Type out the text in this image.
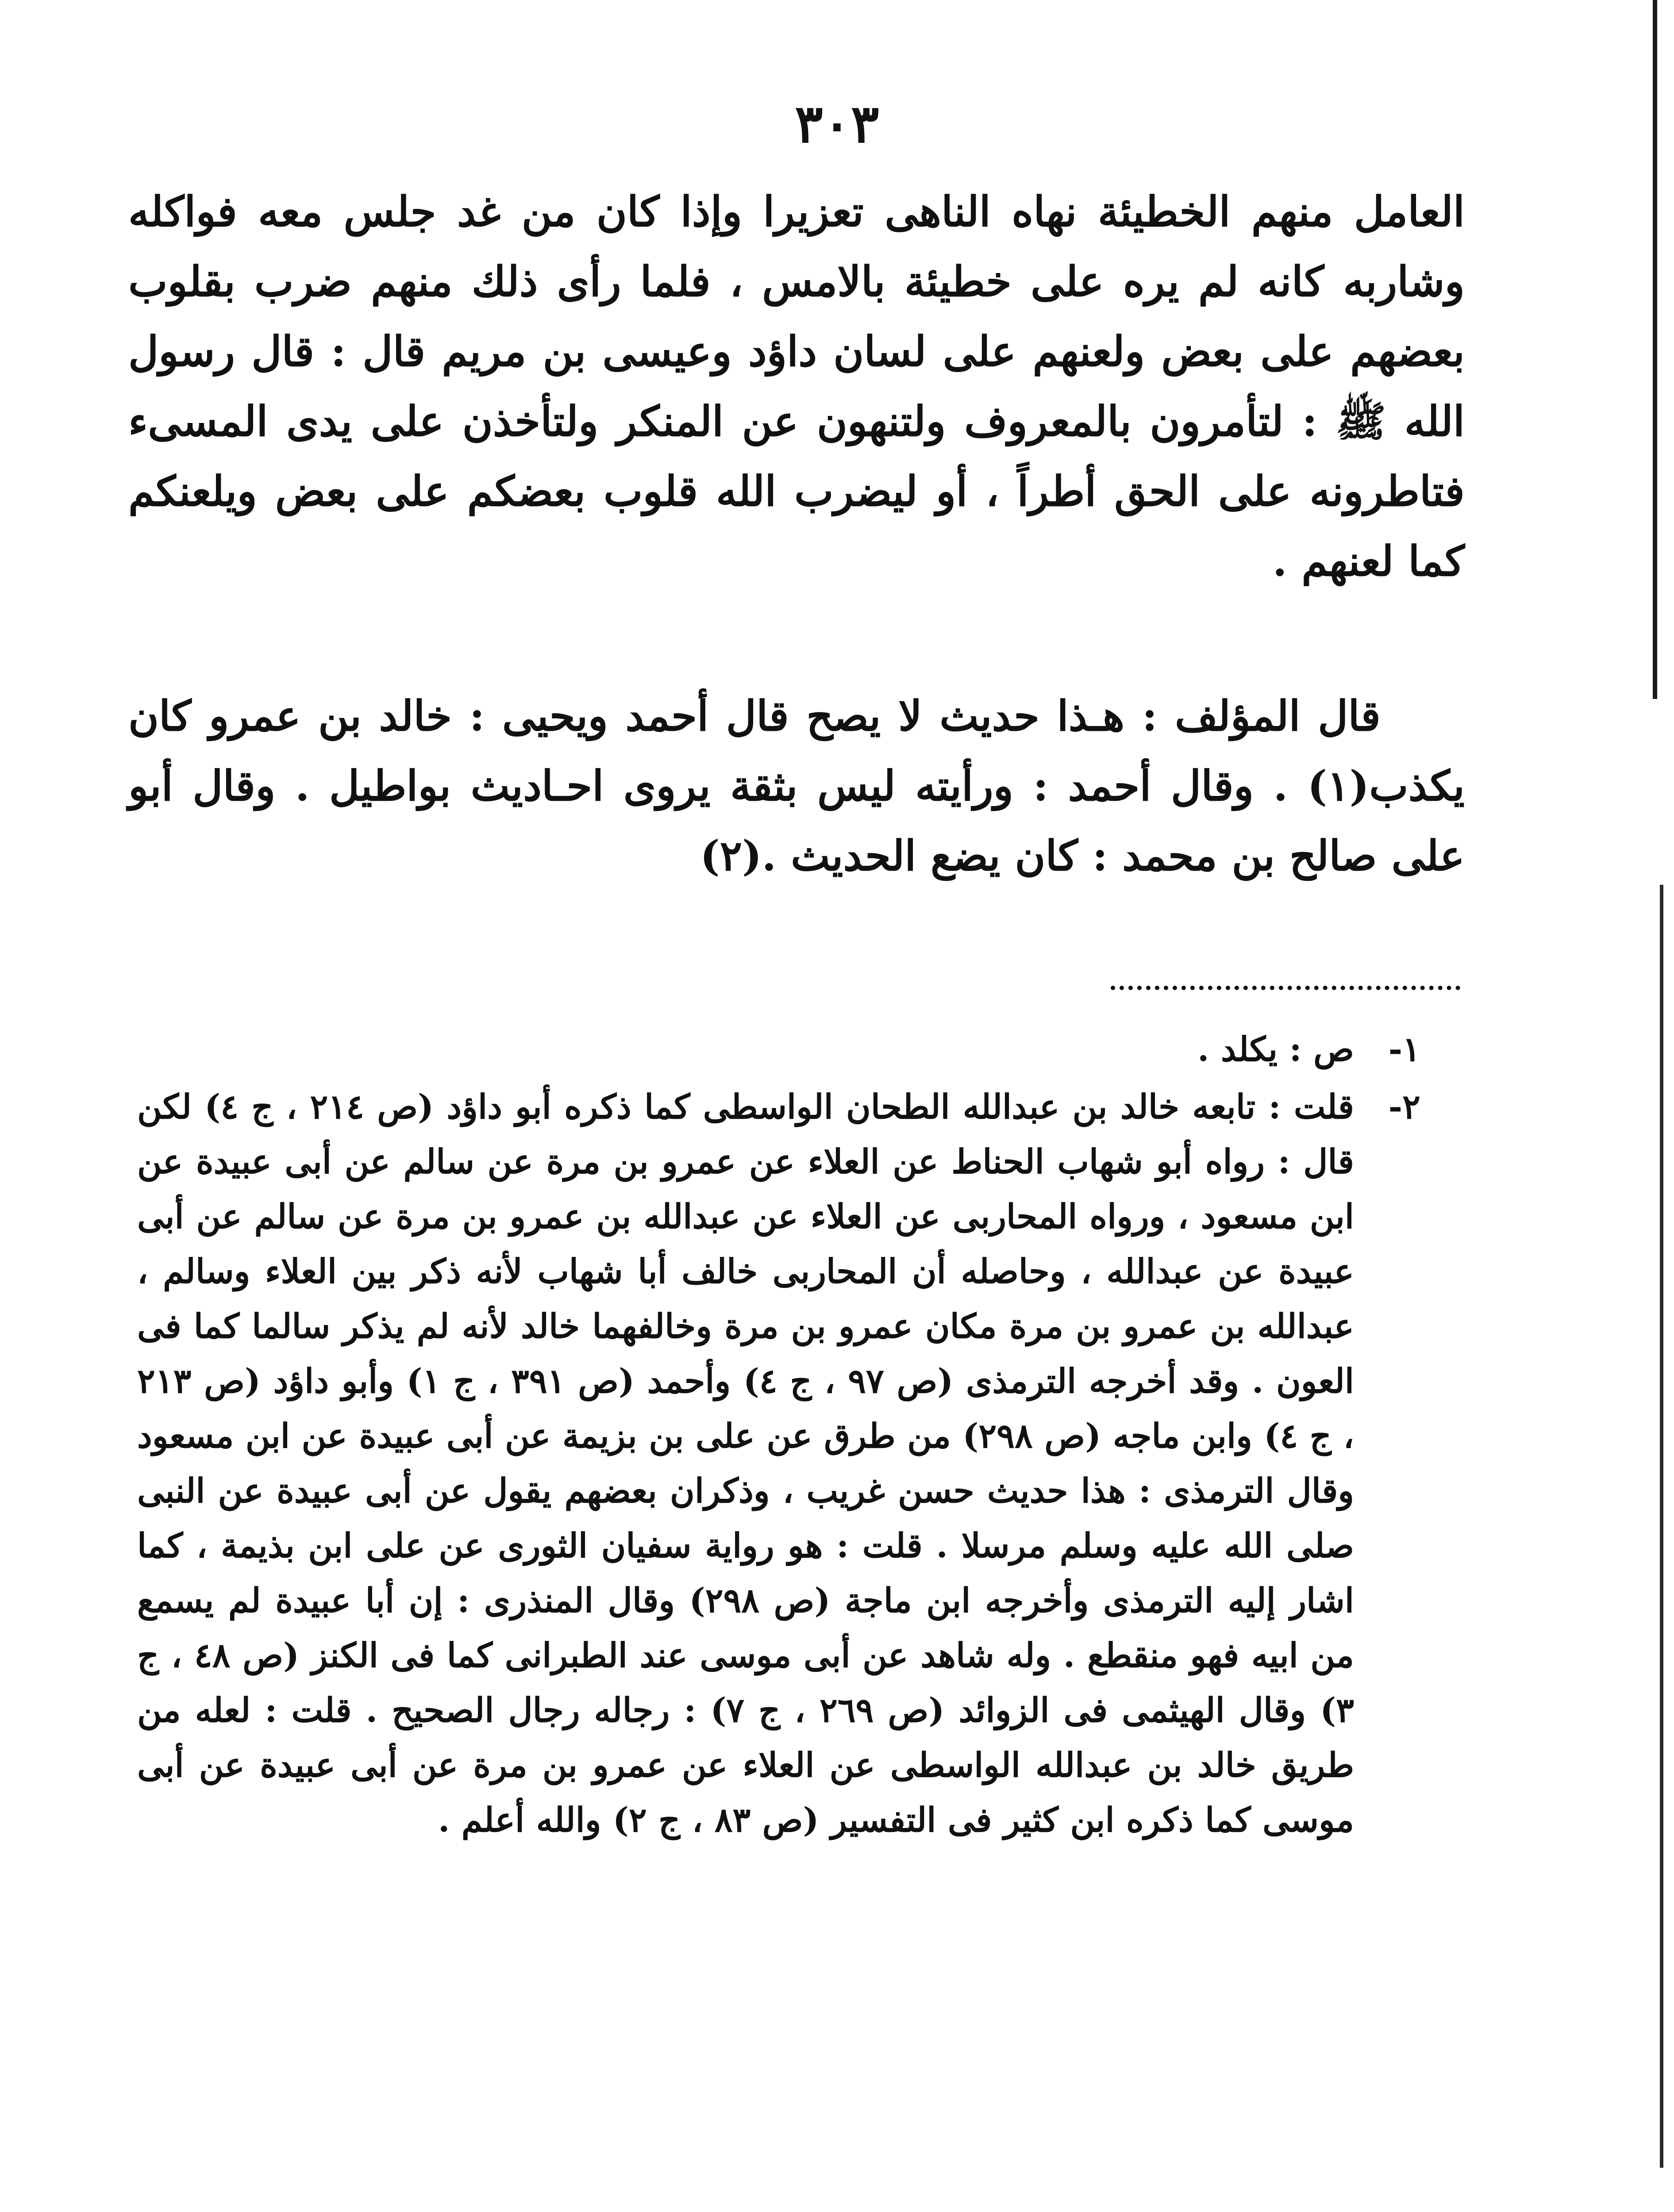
٣٠٣

العامل منهم الخطيئة نهاه الناهى تعزيرا وإذا كان من غد جلس معه فواكله وشاربه كانه لم يره على خطيئة بالامس ، فلما رأى ذلك منهم ضرب بقلوب بعضهم على بعض ولعنهم على لسان داؤد وعيسى بن مريم قال : قال رسول الله ﷺ : لتأمرون بالمعروف ولتنهون عن المنكر ولتأخذن على يدى المسىء فتاطرونه على الحق أطراً ، أو ليضرب الله قلوب بعضكم على بعض ويلعنكم كما لعنهم .

قال المؤلف : هـذا حديث لا يصح قال أحمد ويحيى : خالد بن عمرو كان يكذب(١) . وقال أحمد : ورأيته ليس بثقة يروى احـاديث بواطيل . وقال أبو على صالح بن محمد : كان يضع الحديث .(٢)

١-
ص : يكلد .
٢-
قلت : تابعه خالد بن عبدالله الطحان الواسطى كما ذكره أبو داؤد (ص ٢١٤ ، ج ٤) لكن قال : رواه أبو شهاب الحناط عن العلاء عن عمرو بن مرة عن سالم عن أبى عبيدة عن ابن مسعود ، ورواه المحاربى عن العلاء عن عبدالله بن عمرو بن مرة عن سالم عن أبى عبيدة عن عبدالله ، وحاصله أن المحاربى خالف أبا شهاب لأنه ذكر بين العلاء وسالم ، عبدالله بن عمرو بن مرة مكان عمرو بن مرة وخالفهما خالد لأنه لم يذكر سالما كما فى العون . وقد أخرجه الترمذى (ص ٩٧ ، ج ٤) وأحمد (ص ٣٩١ ، ج ١) وأبو داؤد (ص ٢١٣ ، ج ٤) وابن ماجه (ص ٢٩٨) من طرق عن على بن بزيمة عن أبى عبيدة عن ابن مسعود وقال الترمذى : هذا حديث حسن غريب ، وذكران بعضهم يقول عن أبى عبيدة عن النبى صلى الله عليه وسلم مرسلا . قلت : هو رواية سفيان الثورى عن على ابن بذيمة ، كما اشار إليه الترمذى وأخرجه ابن ماجة (ص ٢٩٨) وقال المنذرى : إن أبا عبيدة لم يسمع من ابيه فهو منقطع . وله شاهد عن أبى موسى عند الطبرانى كما فى الكنز (ص ٤٨ ، ج ٣) وقال الهيثمى فى الزوائد (ص ٢٦٩ ، ج ٧) : رجاله رجال الصحيح . قلت : لعله من طريق خالد بن عبدالله الواسطى عن العلاء عن عمرو بن مرة عن أبى عبيدة عن أبى موسى كما ذكره ابن كثير فى التفسير (ص ٨٣ ، ج ٢) والله أعلم .
